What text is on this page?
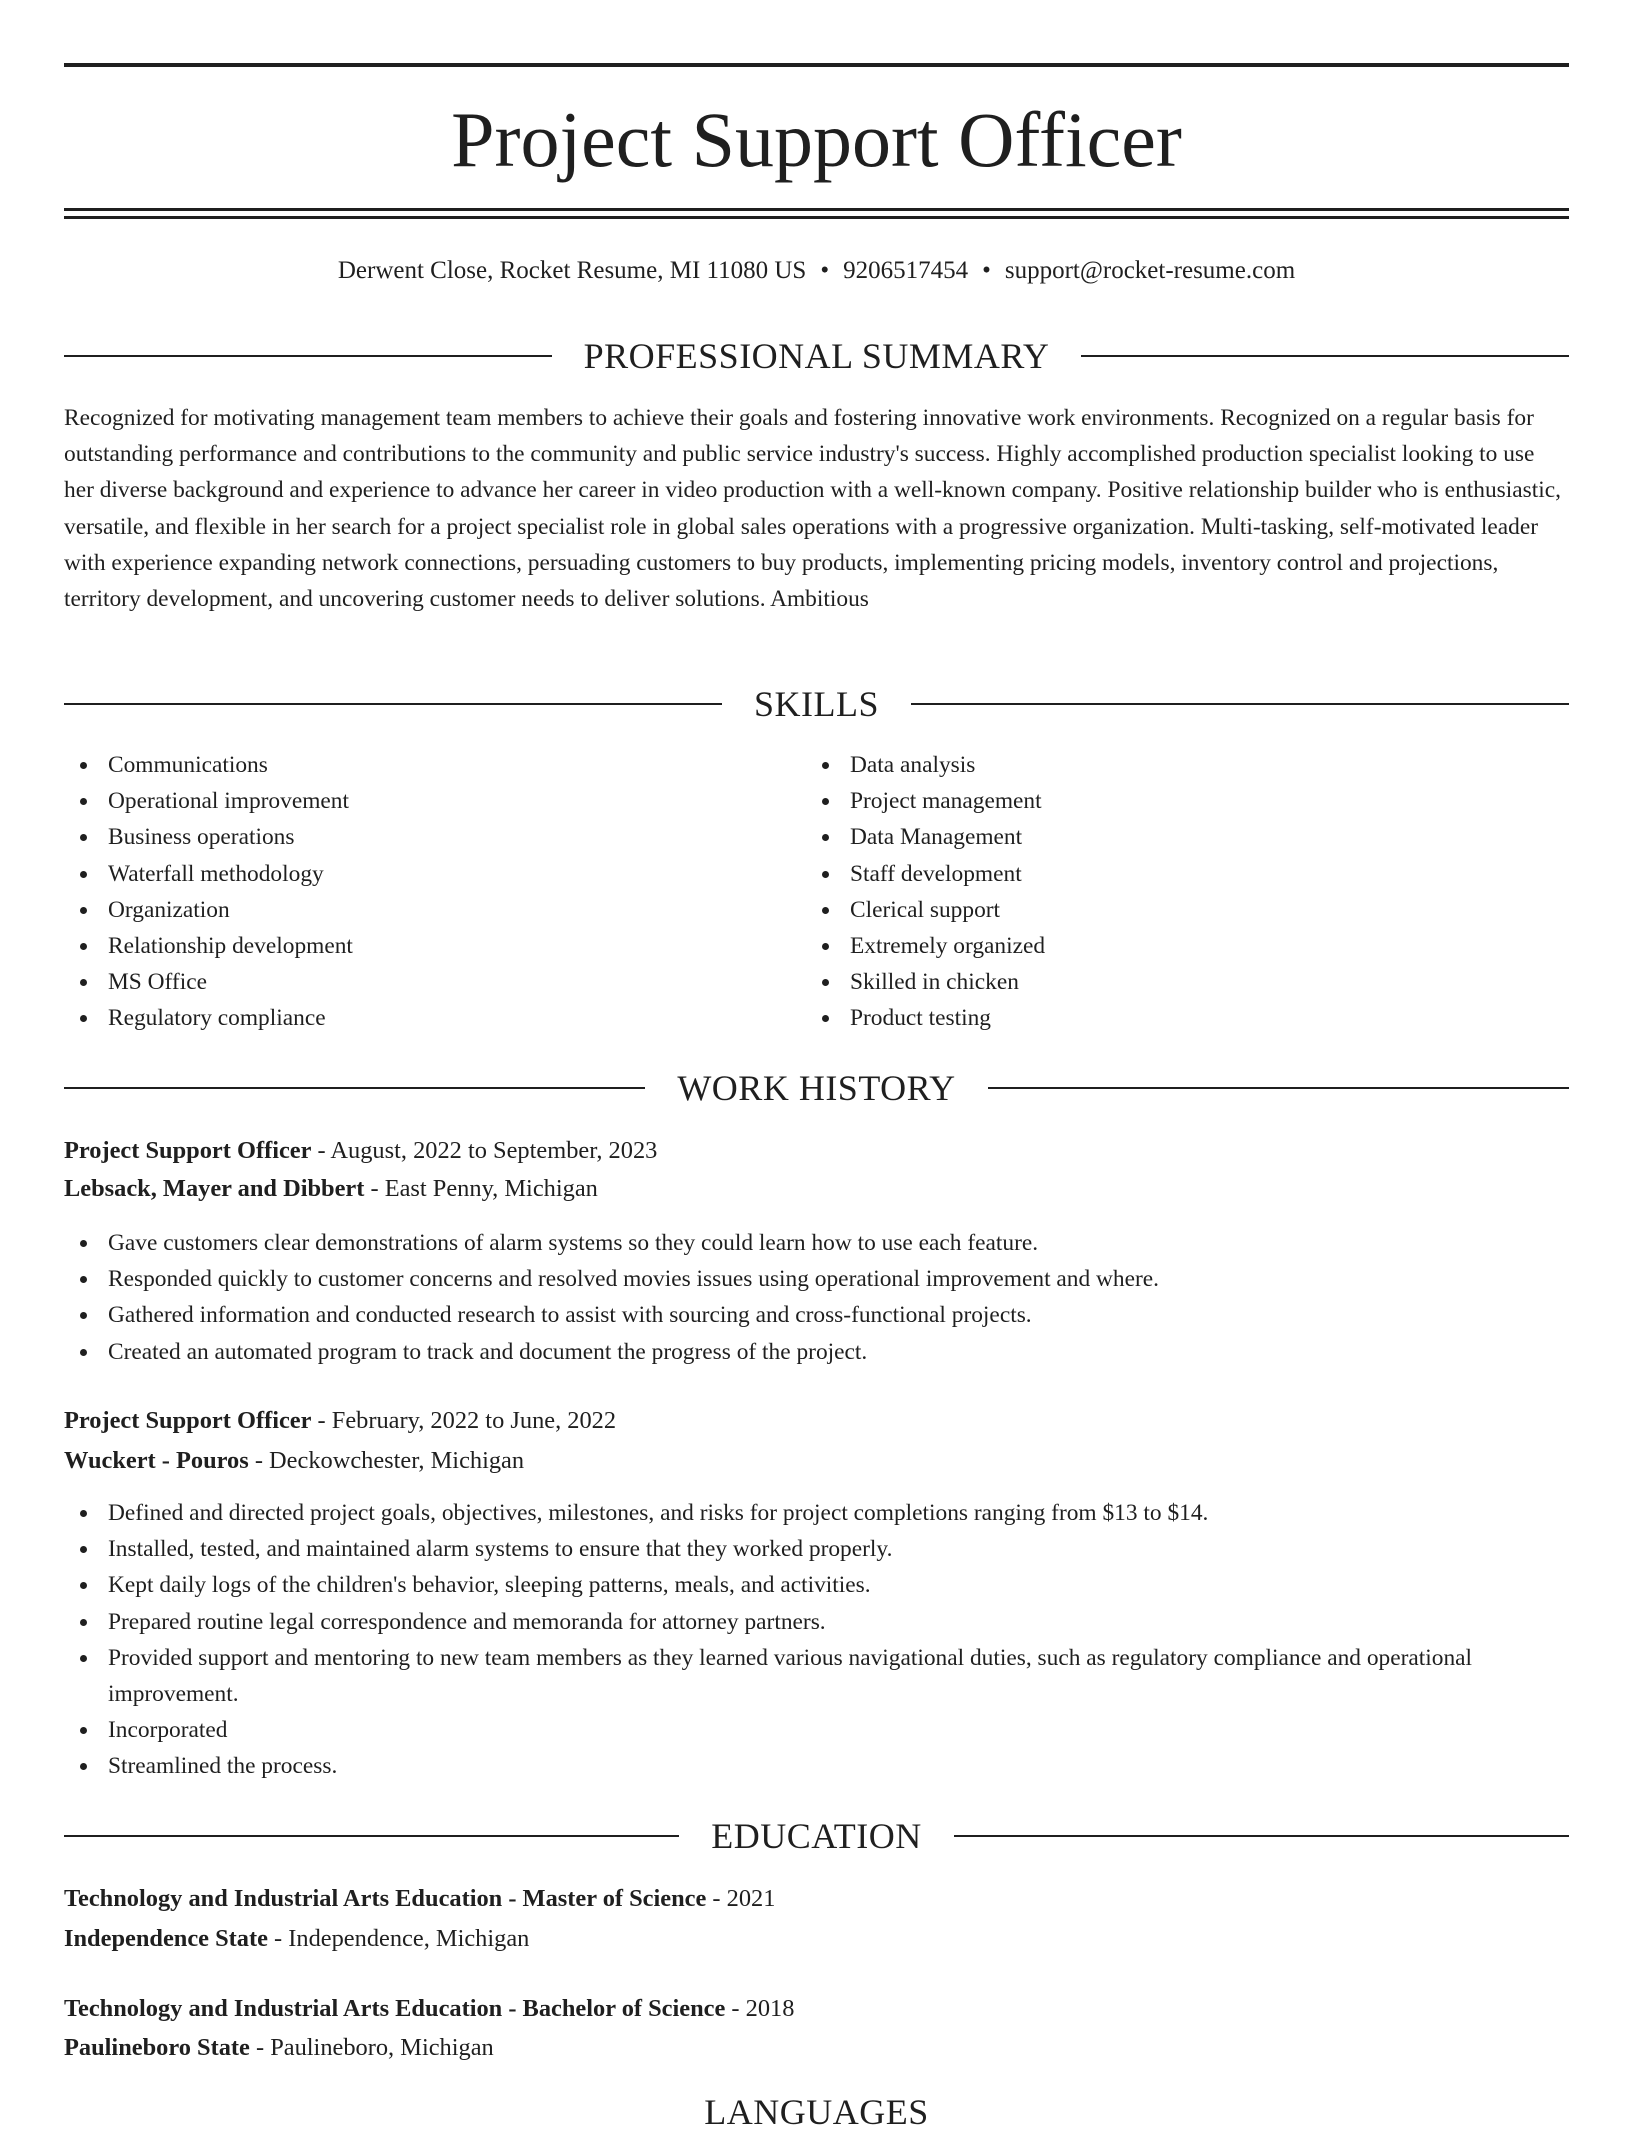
Project Support Officer
Derwent Close, Rocket Resume, MI 11080 US • 9206517454 • support@rocket-resume.com
PROFESSIONAL SUMMARY

Recognized for motivating management team members to achieve their goals and fostering innovative work environments. Recognized on a regular basis for outstanding performance and contributions to the community and public service industry's success. Highly accomplished production specialist looking to use her diverse background and experience to advance her career in video production with a well-known company. Positive relationship builder who is enthusiastic, versatile, and flexible in her search for a project specialist role in global sales operations with a progressive organization. Multi-tasking, self-motivated leader with experience expanding network connections, persuading customers to buy products, implementing pricing models, inventory control and projections, territory development, and uncovering customer needs to deliver solutions. Ambitious

SKILLS
Communications
Operational improvement
Business operations
Waterfall methodology
Organization
Relationship development
MS Office
Regulatory compliance
Data analysis
Project management
Data Management
Staff development
Clerical support
Extremely organized
Skilled in chicken
Product testing
WORK HISTORY
Project Support Officer - August, 2022 to September, 2023
Lebsack, Mayer and Dibbert - East Penny, Michigan
Gave customers clear demonstrations of alarm systems so they could learn how to use each feature.
Responded quickly to customer concerns and resolved movies issues using operational improvement and where.
Gathered information and conducted research to assist with sourcing and cross-functional projects.
Created an automated program to track and document the progress of the project.
Project Support Officer - February, 2022 to June, 2022
Wuckert - Pouros - Deckowchester, Michigan
Defined and directed project goals, objectives, milestones, and risks for project completions ranging from $13 to $14.
Installed, tested, and maintained alarm systems to ensure that they worked properly.
Kept daily logs of the children's behavior, sleeping patterns, meals, and activities.
Prepared routine legal correspondence and memoranda for attorney partners.
Provided support and mentoring to new team members as they learned various navigational duties, such as regulatory compliance and operational improvement.
Incorporated
Streamlined the process.
EDUCATION
Technology and Industrial Arts Education - Master of Science - 2021
Independence State - Independence, Michigan
Technology and Industrial Arts Education - Bachelor of Science - 2018
Paulineboro State - Paulineboro, Michigan
LANGUAGES
